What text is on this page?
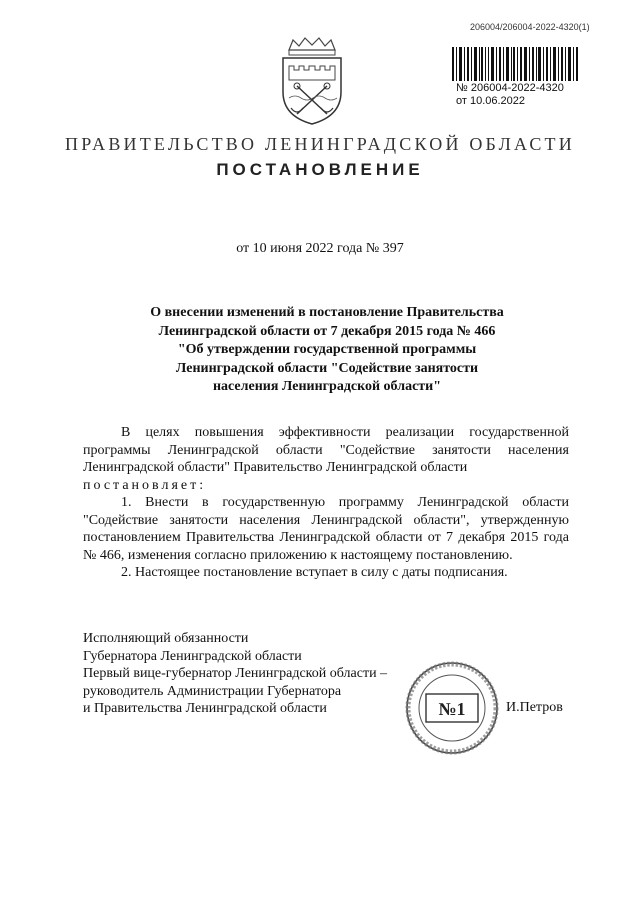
206004/206004-2022-4320(1)
№ 206004-2022-4320
от 10.06.2022
ПРАВИТЕЛЬСТВО ЛЕНИНГРАДСКОЙ ОБЛАСТИ
ПОСТАНОВЛЕНИЕ
от 10 июня 2022 года № 397
О внесении изменений в постановление Правительства
Ленинградской области от 7 декабря 2015 года № 466
"Об утверждении государственной программы
Ленинградской области "Содействие занятости
населения Ленинградской области"

В целях повышения эффективности реализации государственной программы Ленинградской области "Содействие занятости населения Ленинградской области" Правительство Ленинградской области

постановляет:

1. Внести в государственную программу Ленинградской области "Содействие занятости населения Ленинградской области", утвержденную постановлением Правительства Ленинградской области от 7 декабря 2015 года № 466, изменения согласно приложению к настоящему постановлению.

2. Настоящее постановление вступает в силу с даты подписания.

Исполняющий обязанности
Губернатора Ленинградской области
Первый вице-губернатор Ленинградской области –
руководитель Администрации Губернатора
и Правительства Ленинградской области	№1	И.Петров
